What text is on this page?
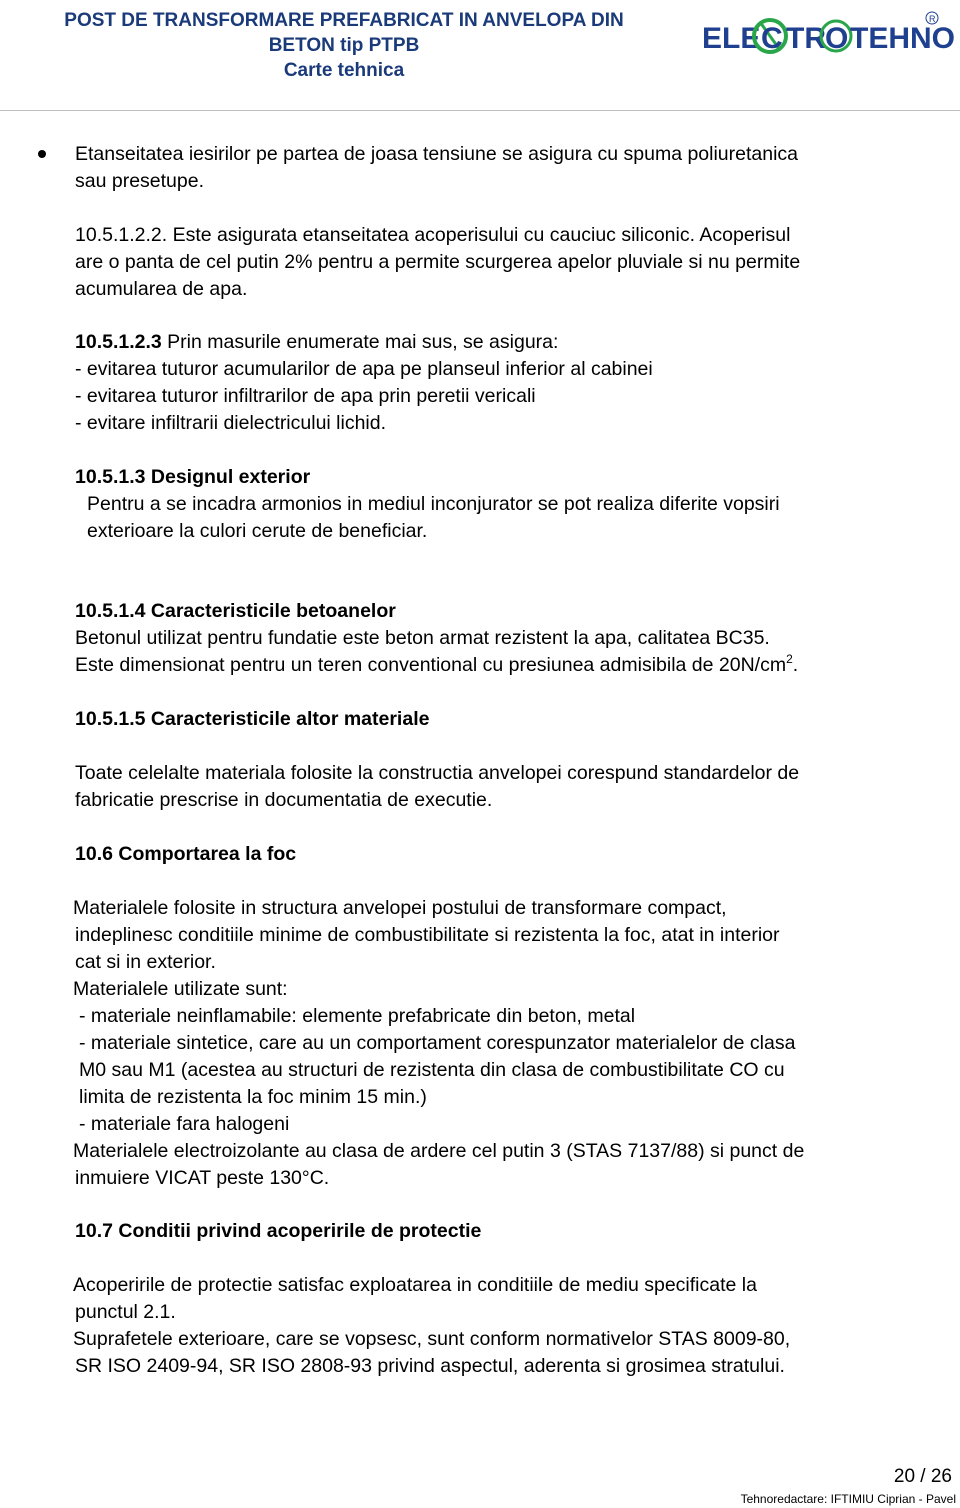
POST DE TRANSFORMARE PREFABRICAT IN ANVELOPA DIN
BETON tip PTPB
Carte tehnica
ELE C TR O TEHNO
R
Etanseitatea iesirilor pe partea de joasa tensiune se asigura cu spuma poliuretanica
sau presetupe.
10.5.1.2.2. Este asigurata etanseitatea acoperisului cu cauciuc siliconic. Acoperisul
are o panta de cel putin 2% pentru a permite scurgerea apelor pluviale si nu permite
acumularea de apa.
10.5.1.2.3 Prin masurile enumerate mai sus, se asigura:
- evitarea tuturor acumularilor de apa pe planseul inferior al cabinei
- evitarea tuturor infiltrarilor de apa prin peretii vericali
- evitare infiltrarii dielectricului lichid.
10.5.1.3 Designul exterior
Pentru a se incadra armonios in mediul inconjurator se pot realiza diferite vopsiri
exterioare la culori cerute de beneficiar.
10.5.1.4 Caracteristicile betoanelor
Betonul utilizat pentru fundatie este beton armat rezistent la apa, calitatea BC35.
Este dimensionat pentru un teren conventional cu presiunea admisibila de $20N/cm^2$.
10.5.1.5 Caracteristicile altor materiale
Toate celelalte materiala folosite la constructia anvelopei corespund standardelor de
fabricatie prescrise in documentatia de executie.
10.6 Comportarea la foc
Materialele folosite in structura anvelopei postului de transformare compact,
indeplinesc conditiile minime de combustibilitate si rezistenta la foc, atat in interior
cat si in exterior.
Materialele utilizate sunt:
- materiale neinflamabile: elemente prefabricate din beton, metal
- materiale sintetice, care au un comportament corespunzator materialelor de clasa
M0 sau M1 (acestea au structuri de rezistenta din clasa de combustibilitate CO cu
limita de rezistenta la foc minim 15 min.)
- materiale fara halogeni
Materialele electroizolante au clasa de ardere cel putin 3 (STAS 7137/88) si punct de
inmuiere VICAT peste 130°C.
10.7 Conditii privind acoperirile de protectie
Acoperirile de protectie satisfac exploatarea in conditiile de mediu specificate la
punctul 2.1.
Suprafetele exterioare, care se vopsesc, sunt conform normativelor STAS 8009-80,
SR ISO 2409-94, SR ISO 2808-93 privind aspectul, aderenta si grosimea stratului.
20 / 26
Tehnoredactare: IFTIMIU Ciprian - Pavel
